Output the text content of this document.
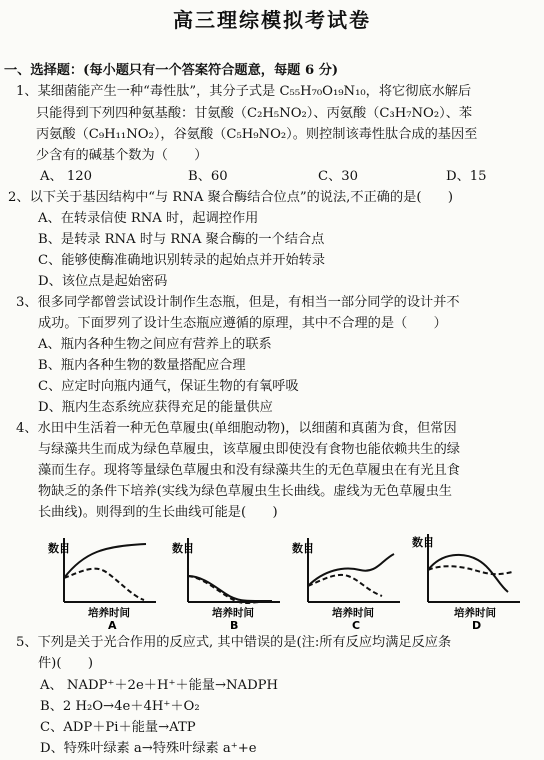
高三理综模拟考试卷
一、选择题：(每小题只有一个答案符合题意，每题 6 分)
1、某细菌能产生一种“毒性肽”，其分子式是 C₅₅H₇₀O₁₉N₁₀，将它彻底水解后
只能得到下列四种氨基酸：甘氨酸（C₂H₅NO₂）、丙氨酸（C₃H₇NO₂）、苯
丙氨酸（C₉H₁₁NO₂），谷氨酸（C₅H₉NO₂）。则控制该毒性肽合成的基因至
少含有的碱基个数为（　　）
A、 120	B、60	C、30	D、15
2、以下关于基因结构中“与 RNA 聚合酶结合位点”的说法,不正确的是(　　)
A、在转录信使 RNA 时，起调控作用
B、是转录 RNA 时与 RNA 聚合酶的一个结合点
C、能够使酶准确地识别转录的起始点并开始转录
D、该位点是起始密码
3、很多同学都曾尝试设计制作生态瓶，但是，有相当一部分同学的设计并不
成功。下面罗列了设计生态瓶应遵循的原理，其中不合理的是（　　）
A、瓶内各种生物之间应有营养上的联系
B、瓶内各种生物的数量搭配应合理
C、应定时向瓶内通气，保证生物的有氧呼吸
D、瓶内生态系统应获得充足的能量供应
4、水田中生活着一种无色草履虫(单细胞动物)，以细菌和真菌为食，但常因
与绿藻共生而成为绿色草履虫，该草履虫即使没有食物也能依赖共生的绿
藻而生存。现将等量绿色草履虫和没有绿藻共生的无色草履虫在有光且食
物缺乏的条件下培养(实线为绿色草履虫生长曲线。虚线为无色草履虫生
长曲线)。则得到的生长曲线可能是(　　)
数目
培养时间
A
数目
培养时间
B
数目
培养时间
C
数目
培养时间
D
5、下列是关于光合作用的反应式, 其中错误的是(注:所有反应均满足反应条
件)(　　)
A、 NADP⁺＋2e＋H⁺＋能量→NADPH
B、2 H₂O→4e＋4H⁺＋O₂
C、ADP＋Pi＋能量→ATP
D、特殊叶绿素 a→特殊叶绿素 a⁺+e
